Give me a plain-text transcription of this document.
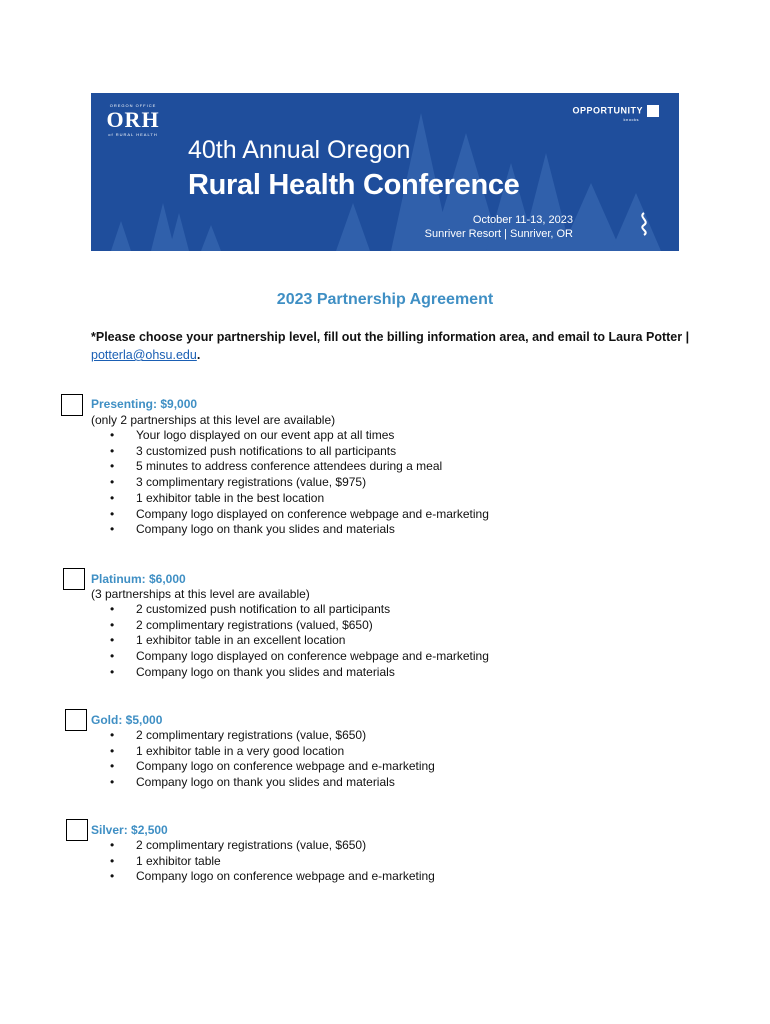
OREGON OFFICE
ORH
of RURAL HEALTH
OPPORTUNITY
knocks
40th Annual Oregon
Rural Health Conference
October 11-13, 2023
Sunriver Resort | Sunriver, OR
2023 Partnership Agreement
*Please choose your partnership level, fill out the billing information area, and email to Laura Potter | potterla@ohsu.edu.
Presenting: $9,000
(only 2 partnerships at this level are available)
• Your logo displayed on our event app at all times
• 3 customized push notifications to all participants
• 5 minutes to address conference attendees during a meal
• 3 complimentary registrations (value, $975)
• 1 exhibitor table in the best location
• Company logo displayed on conference webpage and e-marketing
• Company logo on thank you slides and materials
Platinum: $6,000
(3 partnerships at this level are available)
• 2 customized push notification to all participants
• 2 complimentary registrations (valued, $650)
• 1 exhibitor table in an excellent location
• Company logo displayed on conference webpage and e-marketing
• Company logo on thank you slides and materials
Gold: $5,000
• 2 complimentary registrations (value, $650)
• 1 exhibitor table in a very good location
• Company logo on conference webpage and e-marketing
• Company logo on thank you slides and materials
Silver: $2,500
• 2 complimentary registrations (value, $650)
• 1 exhibitor table
• Company logo on conference webpage and e-marketing
